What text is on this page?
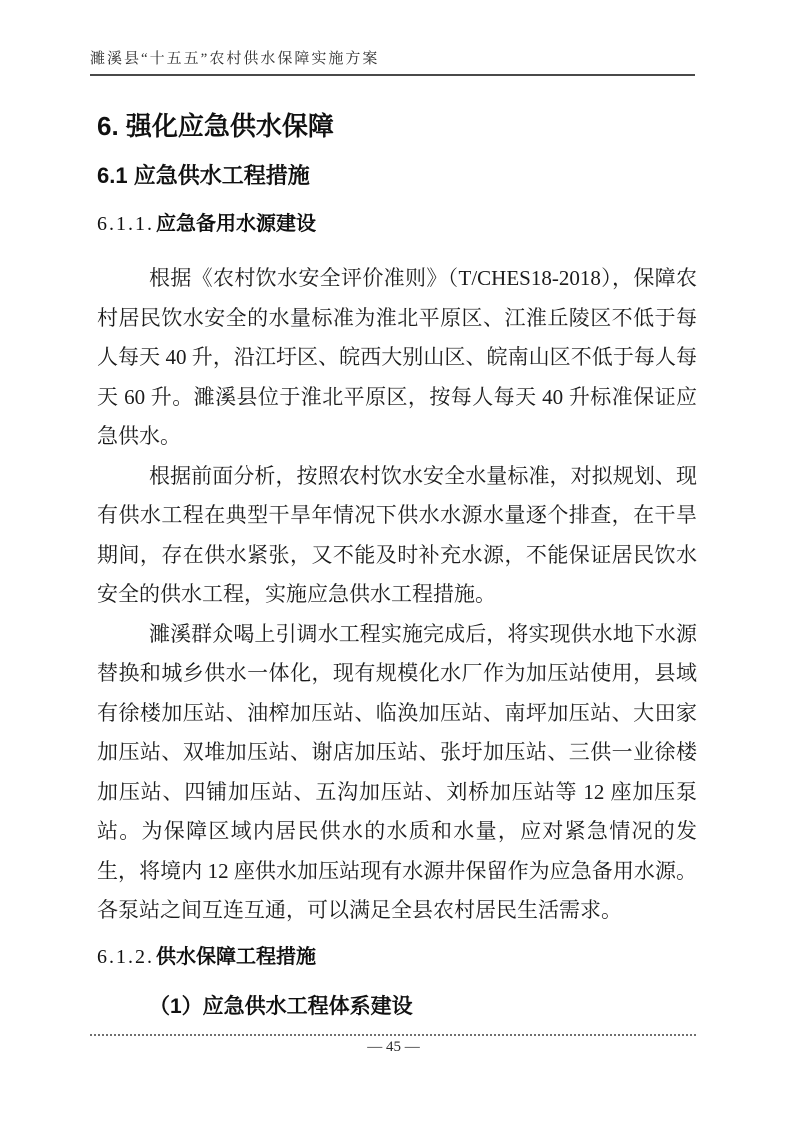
濉溪县“十五五”农村供水保障实施方案
6. 强化应急供水保障
6.1 应急供水工程措施
6.1.1. 应急备用水源建设

根据《农村饮水安全评价准则》（T/CHES18-2018），保障农村居民饮水安全的水量标准为淮北平原区、江淮丘陵区不低于每人每天 40 升，沿江圩区、皖西大别山区、皖南山区不低于每人每天 60 升。濉溪县位于淮北平原区，按每人每天 40 升标准保证应急供水。

根据前面分析，按照农村饮水安全水量标准，对拟规划、现有供水工程在典型干旱年情况下供水水源水量逐个排查，在干旱期间，存在供水紧张，又不能及时补充水源，不能保证居民饮水安全的供水工程，实施应急供水工程措施。

濉溪群众喝上引调水工程实施完成后，将实现供水地下水源替换和城乡供水一体化，现有规模化水厂作为加压站使用，县域有徐楼加压站、油榨加压站、临涣加压站、南坪加压站、大田家加压站、双堆加压站、谢店加压站、张圩加压站、三供一业徐楼加压站、四铺加压站、五沟加压站、刘桥加压站等 12 座加压泵站。为保障区域内居民供水的水质和水量，应对紧急情况的发生，将境内 12 座供水加压站现有水源井保留作为应急备用水源。各泵站之间互连互通，可以满足全县农村居民生活需求。

6.1.2. 供水保障工程措施
（1）应急供水工程体系建设
— 45 —
